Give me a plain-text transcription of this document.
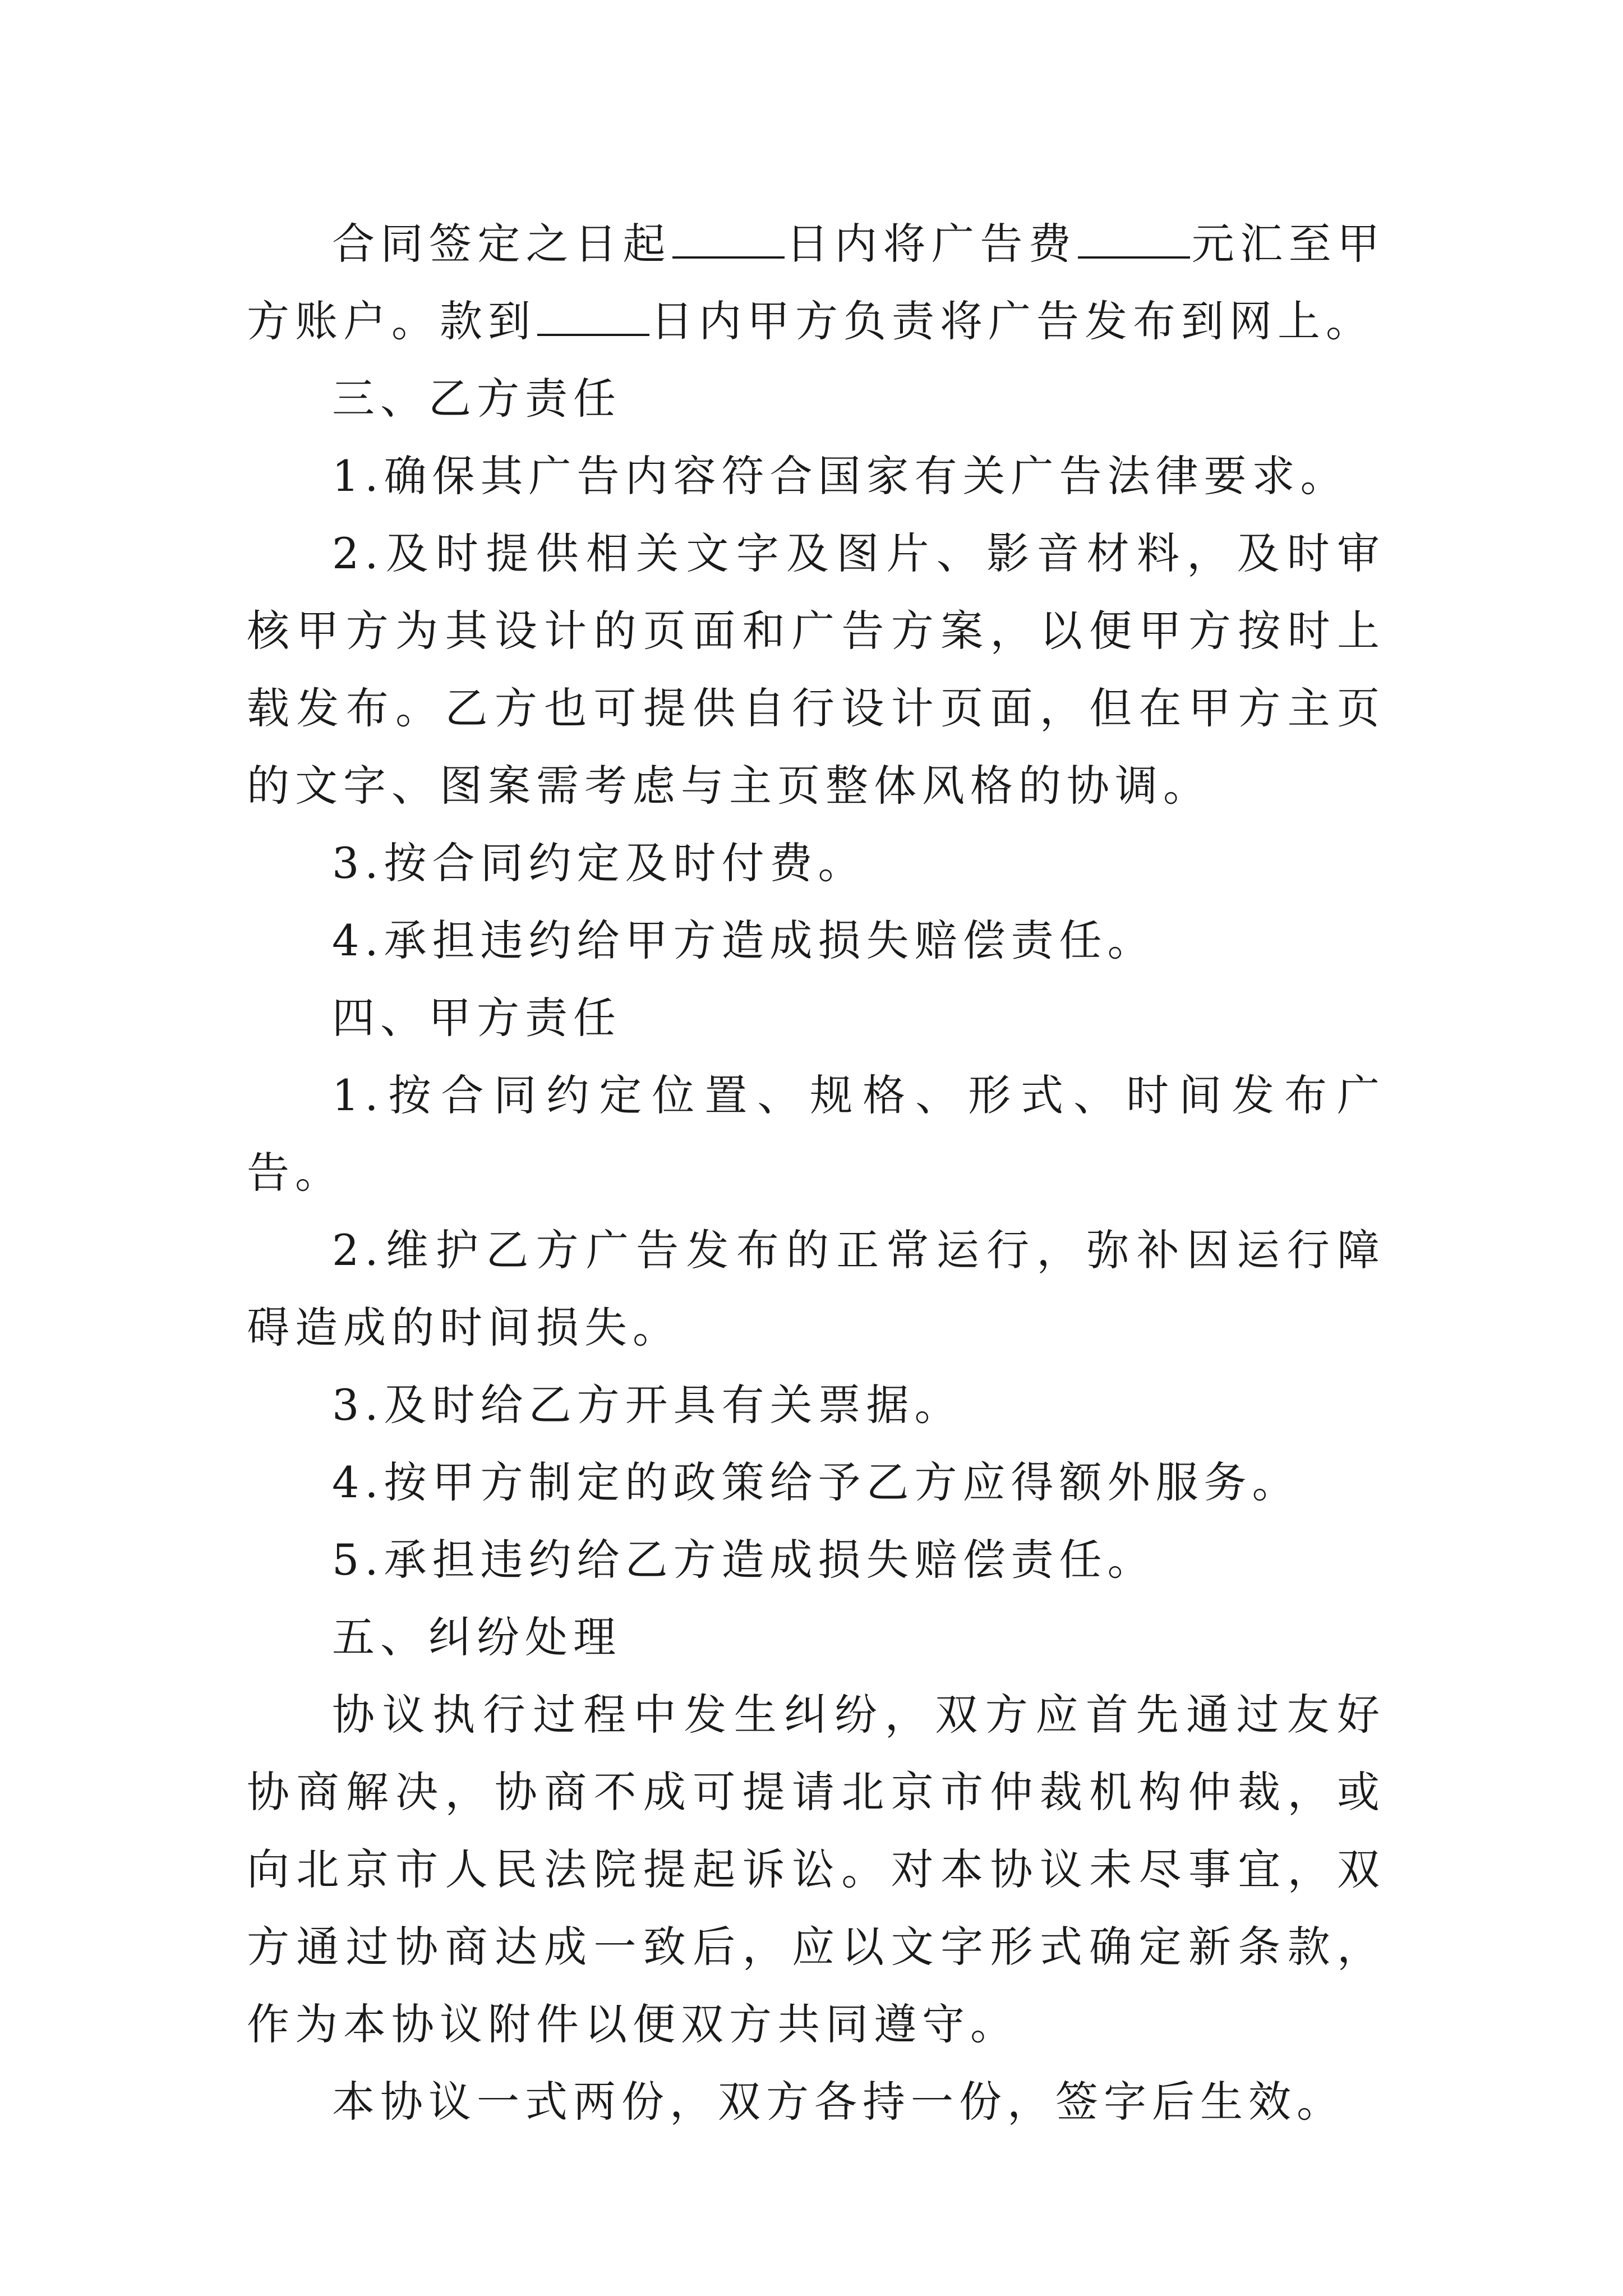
合同签定之日起	日内将广告费	元汇至甲方账户。款到	日内甲方负责将广告发布到网上。

三、乙方责任

1.确保其广告内容符合国家有关广告法律要求。

2.及时提供相关文字及图片、影音材料，及时审核甲方为其设计的页面和广告方案，以便甲方按时上载发布。乙方也可提供自行设计页面，但在甲方主页的文字、图案需考虑与主页整体风格的协调。

3.按合同约定及时付费。

4.承担违约给甲方造成损失赔偿责任。

四、甲方责任

1.按合同约定位置、规格、形式、时间发布广告。

2.维护乙方广告发布的正常运行，弥补因运行障碍造成的时间损失。

3.及时给乙方开具有关票据。

4.按甲方制定的政策给予乙方应得额外服务。

5.承担违约给乙方造成损失赔偿责任。

五、纠纷处理

协议执行过程中发生纠纷，双方应首先通过友好协商解决，协商不成可提请北京市仲裁机构仲裁，或向北京市人民法院提起诉讼。对本协议未尽事宜，双方通过协商达成一致后，应以文字形式确定新条款，作为本协议附件以便双方共同遵守。

本协议一式两份，双方各持一份，签字后生效。
